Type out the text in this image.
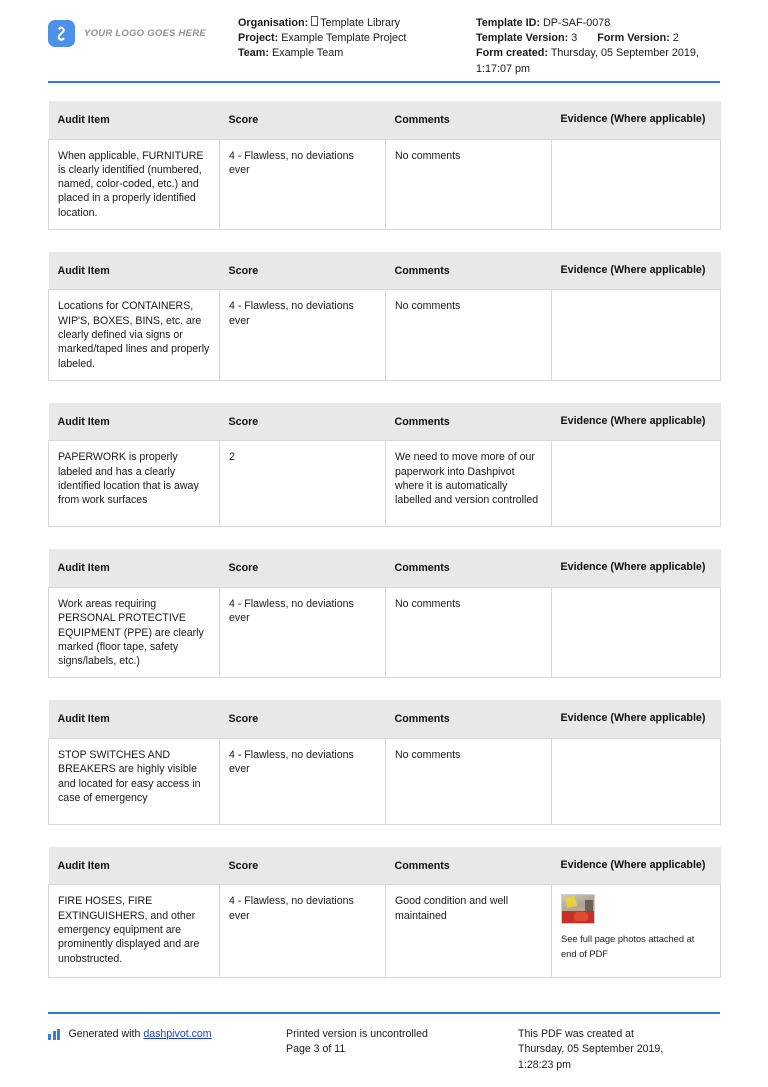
YOUR LOGO GOES HERE
Organisation: Template Library
Project: Example Template Project
Team: Example Team
Template ID: DP-SAF-0078
Template Version: 3 Form Version: 2
Form created: Thursday, 05 September 2019,
1:17:07 pm
Audit Item	Score	Comments	Evidence (Where applicable)
When applicable, FURNITURE is clearly identified (numbered, named, color-coded, etc.) and placed in a properly identified location.	4 - Flawless, no deviations ever	No comments	
Audit Item	Score	Comments	Evidence (Where applicable)
Locations for CONTAINERS, WIP'S, BOXES, BINS, etc. are clearly defined via signs or marked/taped lines and properly labeled.	4 - Flawless, no deviations ever	No comments	
Audit Item	Score	Comments	Evidence (Where applicable)
PAPERWORK is properly labeled and has a clearly identified location that is away from work surfaces	2	We need to move more of our paperwork into Dashpivot where it is automatically labelled and version controlled	
Audit Item	Score	Comments	Evidence (Where applicable)
Work areas requiring PERSONAL PROTECTIVE EQUIPMENT (PPE) are clearly marked (floor tape, safety signs/labels, etc.)	4 - Flawless, no deviations ever	No comments	
Audit Item	Score	Comments	Evidence (Where applicable)
STOP SWITCHES AND BREAKERS are highly visible and located for easy access in case of emergency	4 - Flawless, no deviations ever	No comments	
Audit Item	Score	Comments	Evidence (Where applicable)
FIRE HOSES, FIRE EXTINGUISHERS, and other emergency equipment are prominently displayed and are unobstructed.	4 - Flawless, no deviations ever	Good condition and well maintained	See full page photos attached at end of PDF
Generated with dashpivot.com	Printed version is uncontrolled
Page 3 of 11
This PDF was created at
Thursday, 05 September 2019,
1:28:23 pm
